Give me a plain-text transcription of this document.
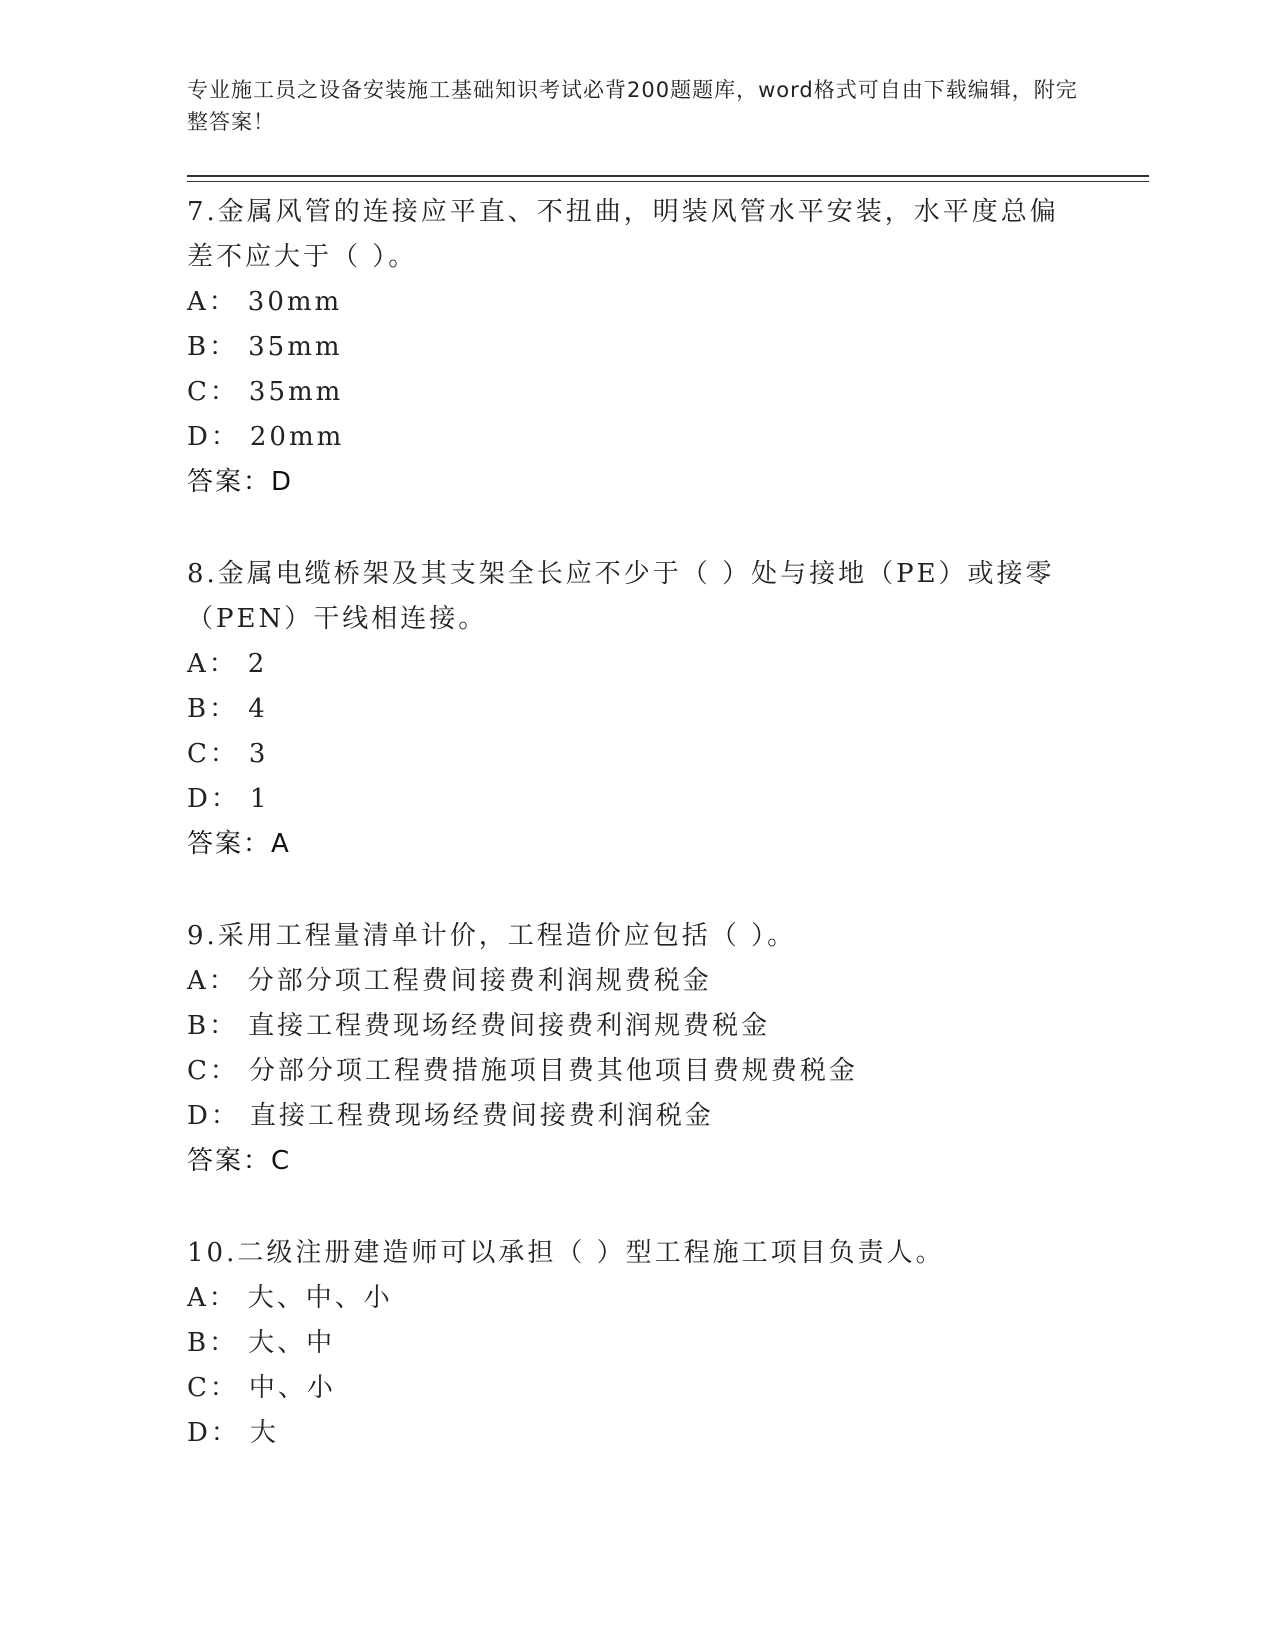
专业施工员之设备安装施工基础知识考试必背200题题库，word格式可自由下载编辑，附完整答案！
7.金属风管的连接应平直、不扭曲，明装风管水平安装，水平度总偏差不应大于（ ）。
A： 30mm
B： 35mm
C： 35mm
D： 20mm
答案：D
8.金属电缆桥架及其支架全长应不少于（ ）处与接地（PE）或接零（PEN）干线相连接。
A： 2
B： 4
C： 3
D： 1
答案：A
9.采用工程量清单计价，工程造价应包括（ ）。
A： 分部分项工程费间接费利润规费税金
B： 直接工程费现场经费间接费利润规费税金
C： 分部分项工程费措施项目费其他项目费规费税金
D： 直接工程费现场经费间接费利润税金
答案：C
10.二级注册建造师可以承担（ ）型工程施工项目负责人。
A： 大、中、小
B： 大、中
C： 中、小
D： 大
